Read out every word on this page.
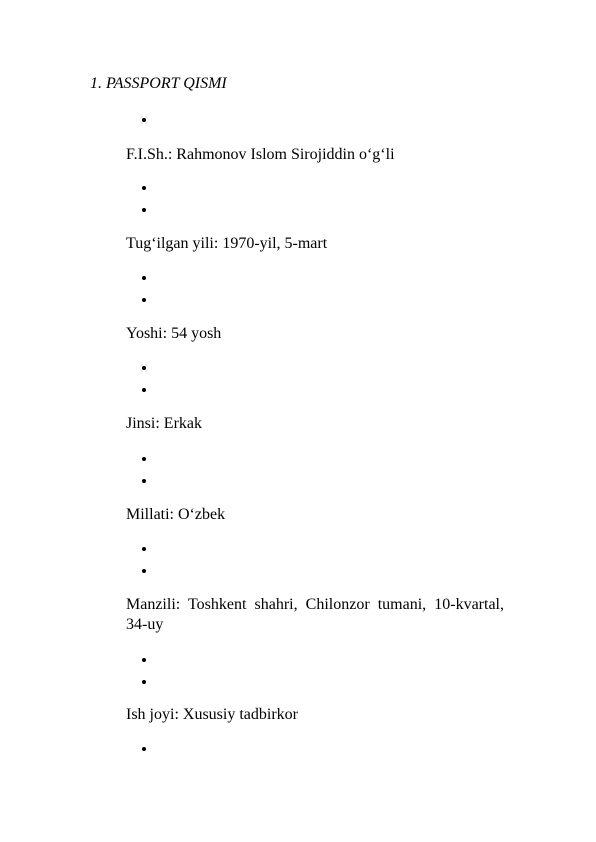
1. PASSPORT QISMI
F.I.Sh.: Rahmonov Islom Sirojiddin o‘g‘li
Tug‘ilgan yili: 1970-yil, 5-mart
Yoshi: 54 yosh
Jinsi: Erkak
Millati: O‘zbek
Manzili: Toshkent shahri, Chilonzor tumani, 10-kvartal, 34-uy
Ish joyi: Xususiy tadbirkor
